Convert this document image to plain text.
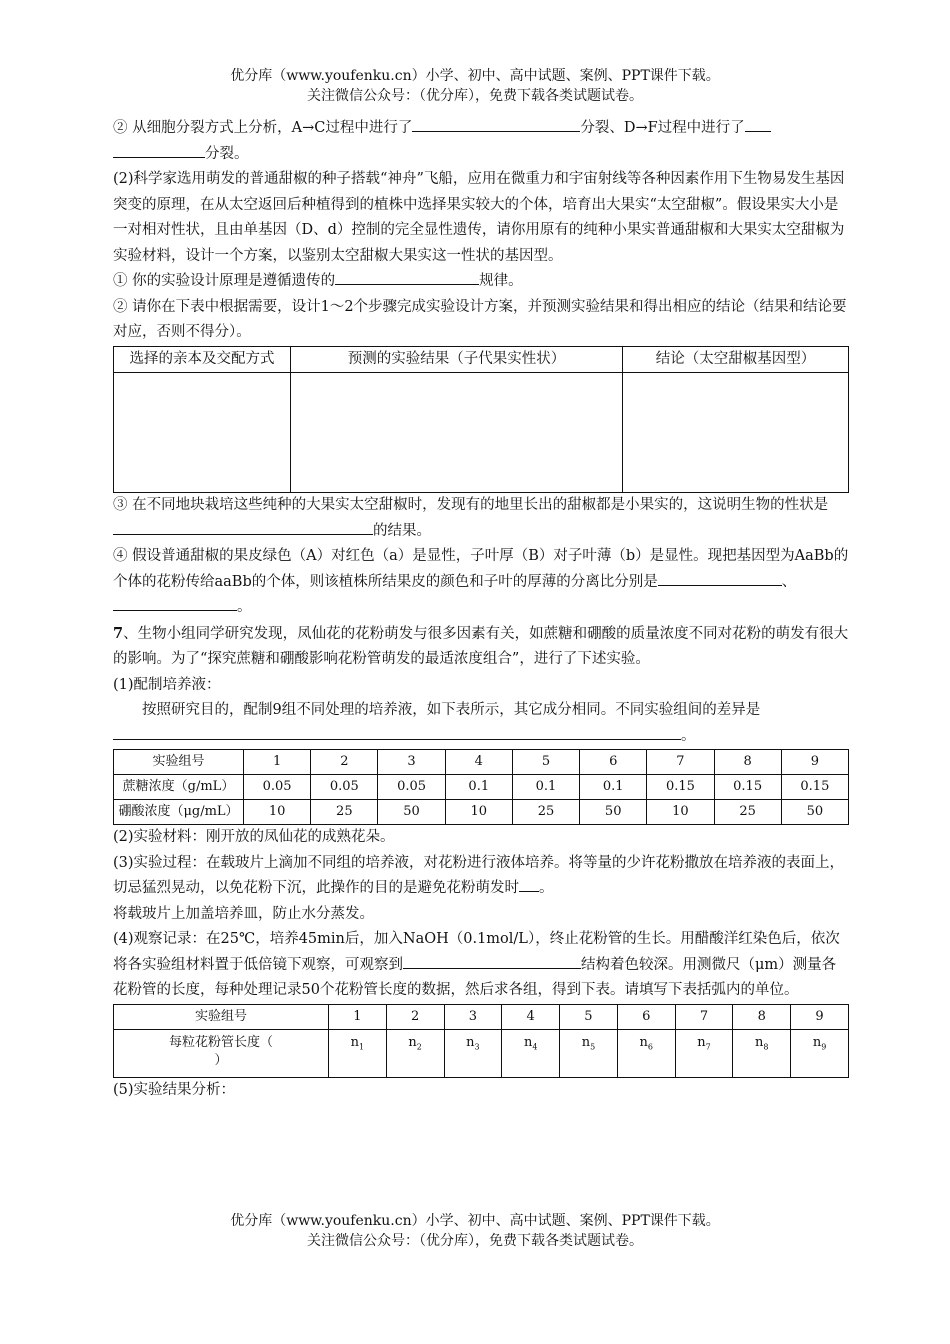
优分库（www.youfenku.cn）小学、初中、高中试题、案例、PPT课件下载。
关注微信公众号：（优分库），免费下载各类试题试卷。

② 从细胞分裂方式上分析，A→C过程中进行了	分裂、D→F过程中进行了
分裂。

(2)科学家选用萌发的普通甜椒的种子搭载“神舟”飞船，应用在微重力和宇宙射线等各种因素作用下生物易发生基因突变的原理，在从太空返回后种植得到的植株中选择果实较大的个体，培育出大果实“太空甜椒”。假设果实大小是一对相对性状，且由单基因（D、d）控制的完全显性遗传，请你用原有的纯种小果实普通甜椒和大果实太空甜椒为实验材料，设计一个方案，以鉴别太空甜椒大果实这一性状的基因型。

① 你的实验设计原理是遵循遗传的	规律。

② 请你在下表中根据需要，设计1～2个步骤完成实验设计方案，并预测实验结果和得出相应的结论（结果和结论要对应，否则不得分）。

选择的亲本及交配方式	预测的实验结果（子代果实性状）	结论（太空甜椒基因型）

③ 在不同地块栽培这些纯种的大果实太空甜椒时，发现有的地里长出的甜椒都是小果实的，这说明生物的性状是的结果。

④ 假设普通甜椒的果皮绿色（A）对红色（a）是显性，子叶厚（B）对子叶薄（b）是显性。现把基因型为AaBb的个体的花粉传给aaBb的个体，则该植株所结果皮的颜色和子叶的厚薄的分离比分别是	、。

7、生物小组同学研究发现，凤仙花的花粉萌发与很多因素有关，如蔗糖和硼酸的质量浓度不同对花粉的萌发有很大的影响。为了“探究蔗糖和硼酸影响花粉管萌发的最适浓度组合”，进行了下述实验。

(1)配制培养液：

按照研究目的，配制9组不同处理的培养液，如下表所示，其它成分相同。不同实验组间的差异是。

实验组号	1	2	3	4	5	6	7	8	9
蔗糖浓度（g/mL）	0.05	0.05	0.05	0.1	0.1	0.1	0.15	0.15	0.15
硼酸浓度（μg/mL）	10	25	50	10	25	50	10	25	50

(2)实验材料：刚开放的凤仙花的成熟花朵。

(3)实验过程：在载玻片上滴加不同组的培养液，对花粉进行液体培养。将等量的少许花粉撒放在培养液的表面上，切忌猛烈晃动，以免花粉下沉，此操作的目的是避免花粉萌发时 。

将载玻片上加盖培养皿，防止水分蒸发。

(4)观察记录：在25℃，培养45min后，加入NaOH（0.1mol/L），终止花粉管的生长。用醋酸洋红染色后，依次将各实验组材料置于低倍镜下观察，可观察到	结构着色较深。用测微尺（μm）测量各花粉管的长度，每种处理记录50个花粉管长度的数据，然后求各组，得到下表。请填写下表括弧内的单位。

实验组号	1	2	3	4	5	6	7	8	9
每粒花粉管长度（
）	$n_1$	$n_2$	$n_3$	$n_4$	$n_5$	$n_6$	$n_7$	$n_8$	$n_9$

(5)实验结果分析：

优分库（www.youfenku.cn）小学、初中、高中试题、案例、PPT课件下载。
关注微信公众号：（优分库），免费下载各类试题试卷。
